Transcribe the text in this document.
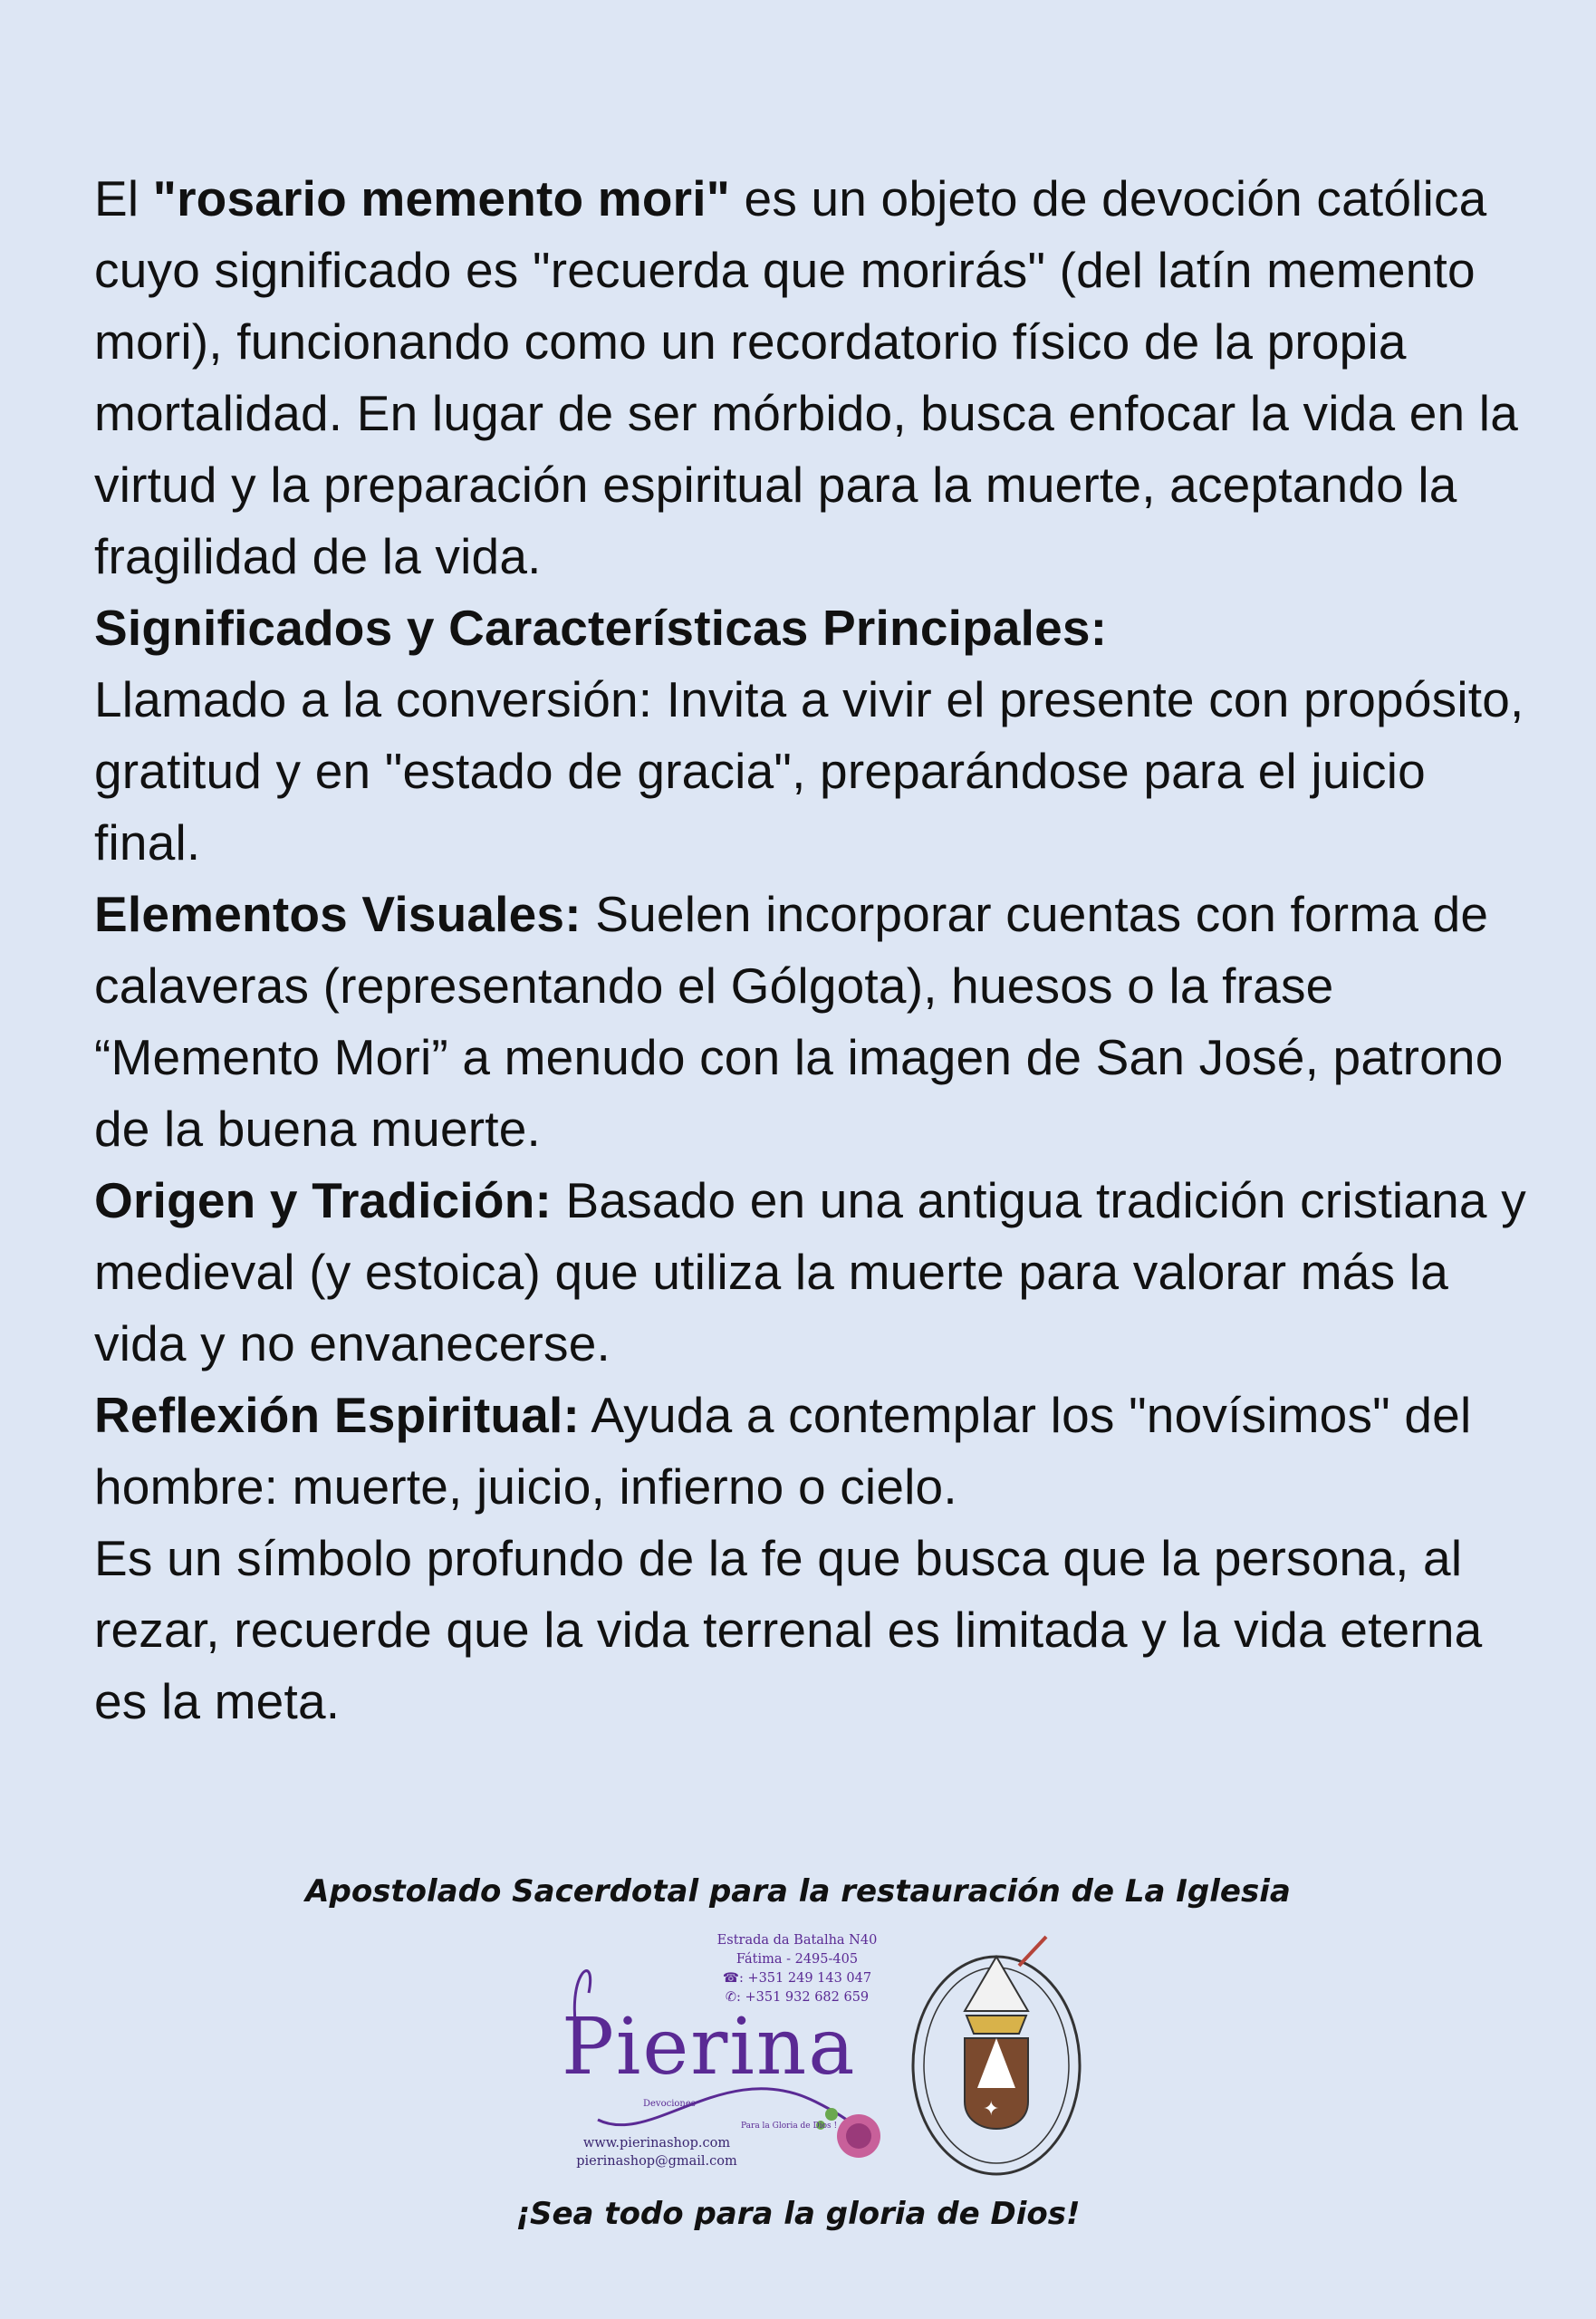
El "rosario memento mori" es un objeto de devoción católica cuyo significado es "recuerda que morirás" (del latín memento mori), funcionando como un recordatorio físico de la propia mortalidad. En lugar de ser mórbido, busca enfocar la vida en la virtud y la preparación espiritual para la muerte, aceptando la fragilidad de la vida.

Significados y Características Principales:

Llamado a la conversión: Invita a vivir el presente con propósito, gratitud y en "estado de gracia", preparándose para el juicio final.

Elementos Visuales: Suelen incorporar cuentas con forma de calaveras (representando el Gólgota), huesos o la frase “Memento Mori” a menudo con la imagen de San José, patrono de la buena muerte.

Origen y Tradición: Basado en una antigua tradición cristiana y medieval (y estoica) que utiliza la muerte para valorar más la vida y no envanecerse.

Reflexión Espiritual: Ayuda a contemplar los "novísimos" del hombre: muerte, juicio, infierno o cielo.

Es un símbolo profundo de la fe que busca que la persona, al rezar, recuerde que la vida terrenal es limitada y la vida eterna es la meta.

Apostolado Sacerdotal para la restauración de La Iglesia
Estrada da Batalha N40
Fátima - 2495-405
☎: +351 249 143 047
✆: +351 932 682 659
Pierina
Devociones
Para la Gloria de Dios !
www.pierinashop.com
pierinashop@gmail.com
✦
¡Sea todo para la gloria de Dios!
